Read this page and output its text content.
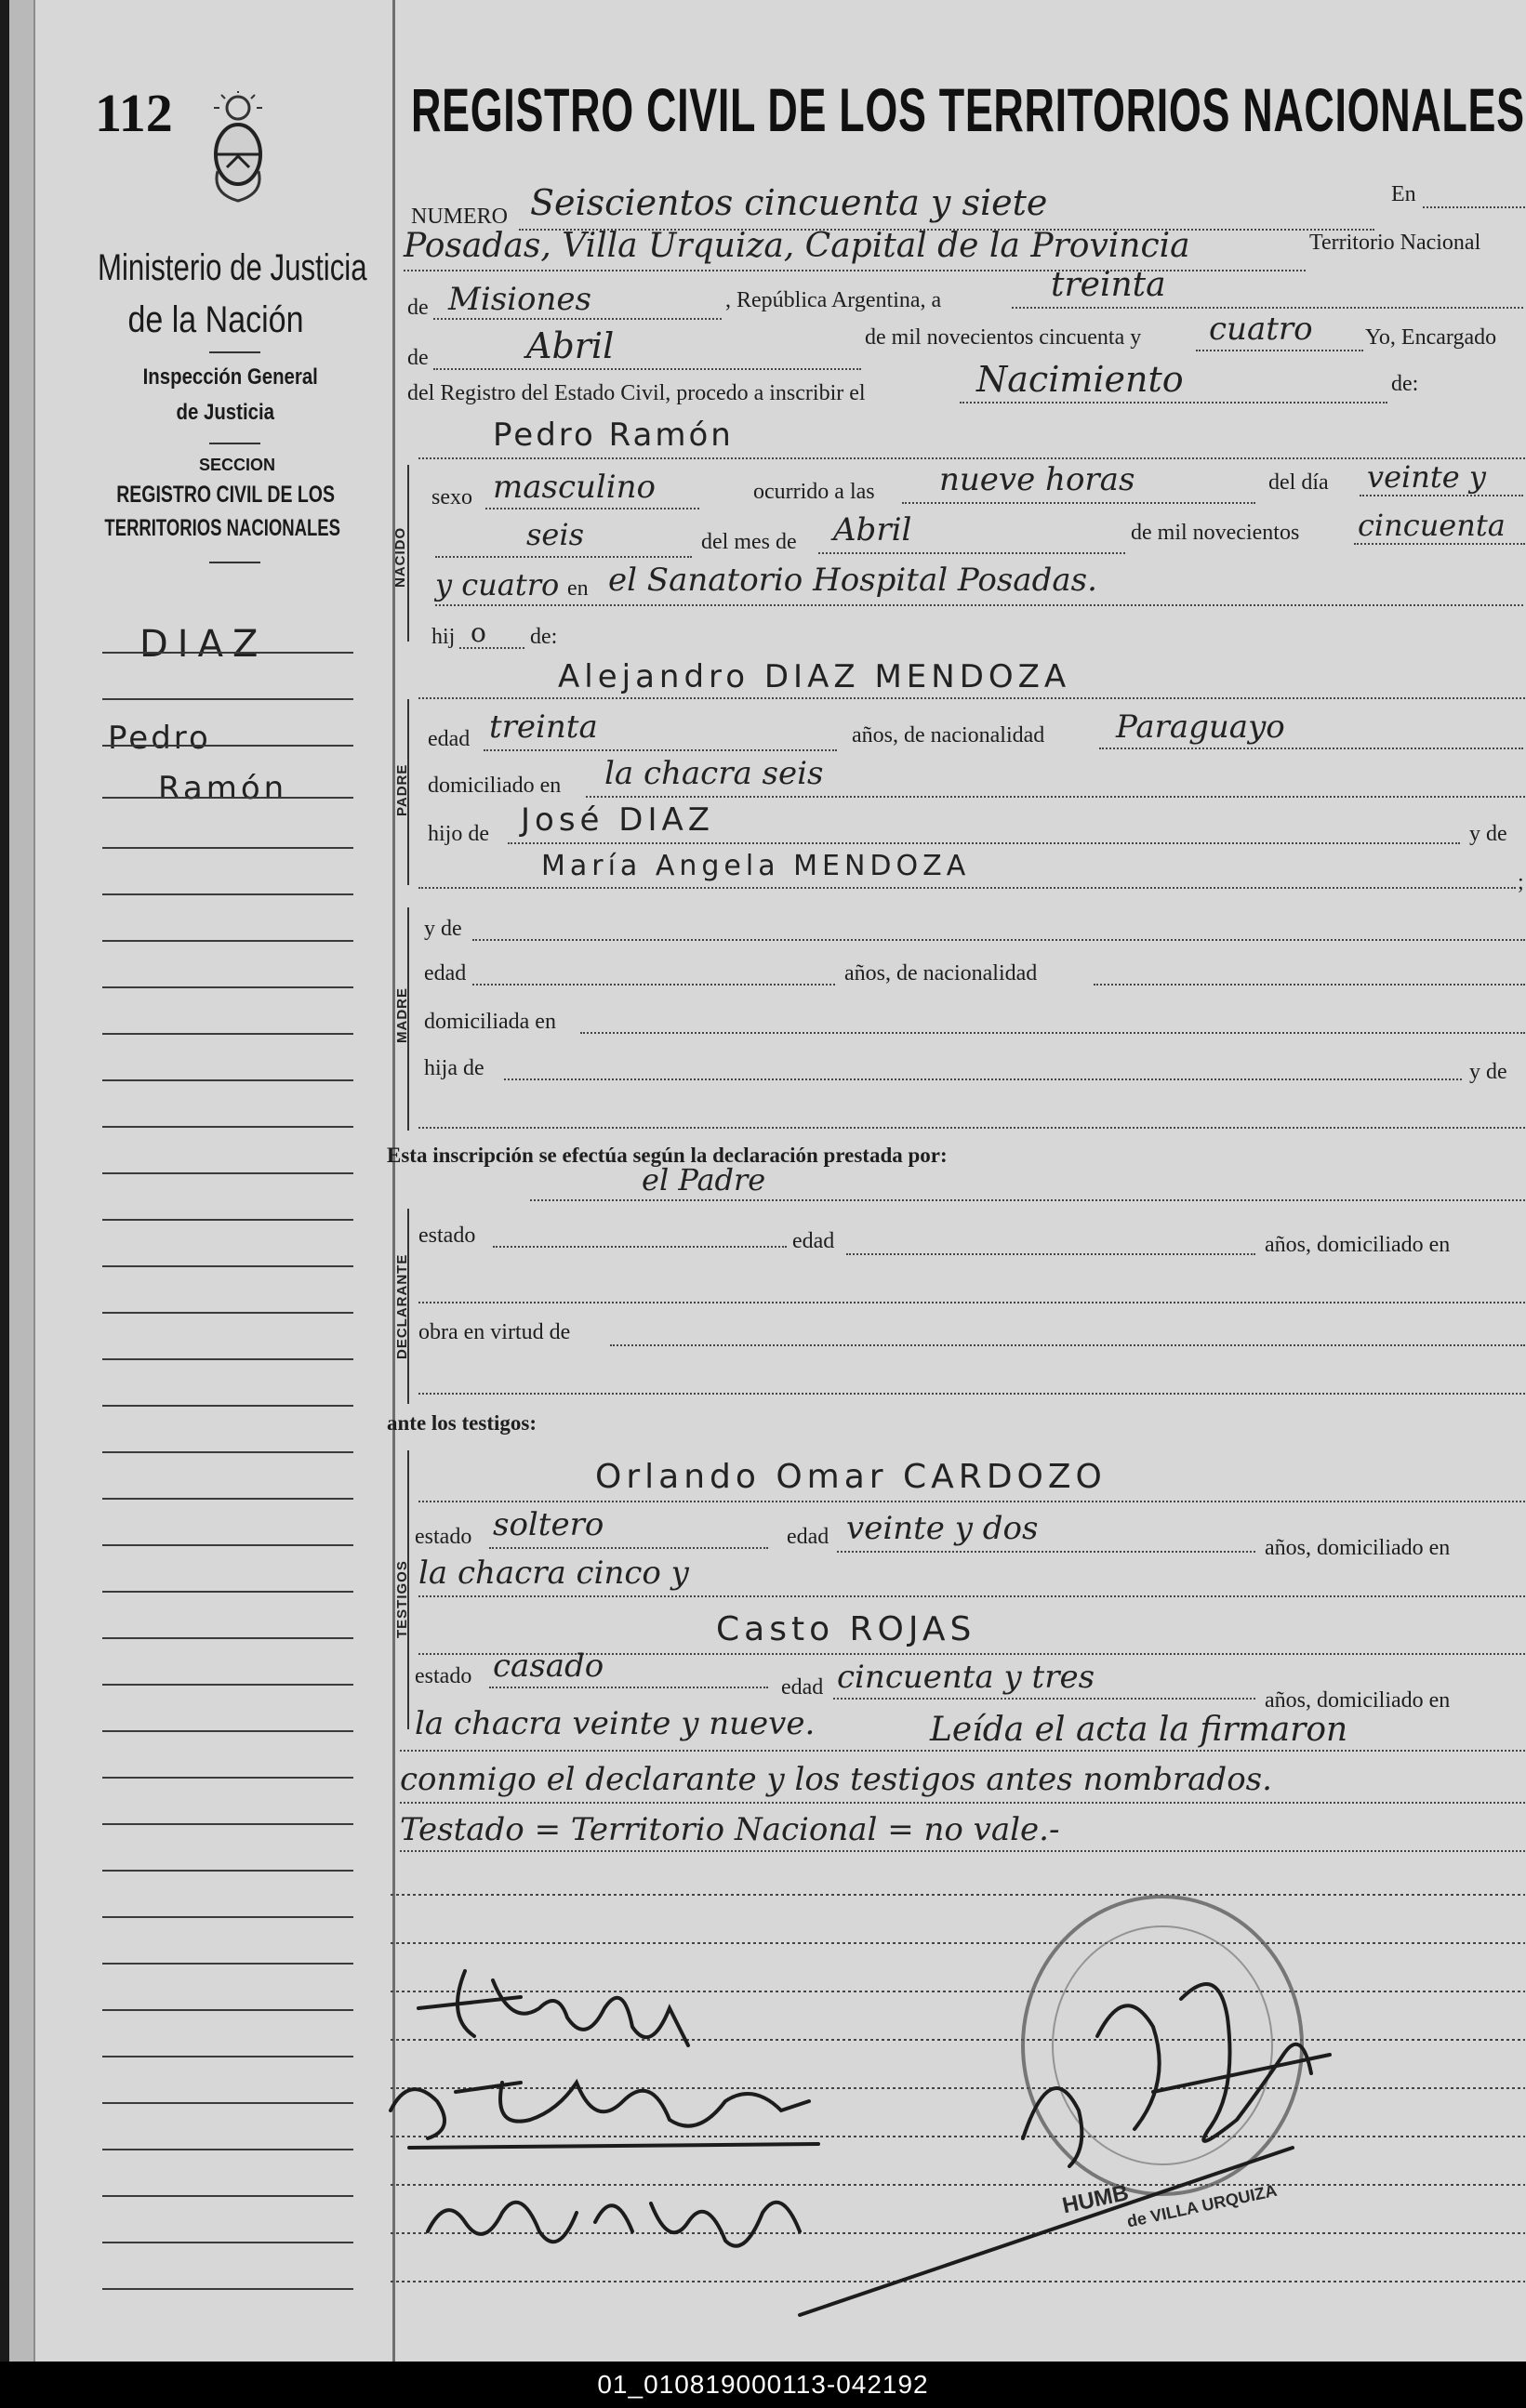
112
Ministerio de Justicia
de la Nación
Inspección General
de Justicia
SECCION
REGISTRO CIVIL DE LOS
TERRITORIOS NACIONALES
DIAZ
Pedro
Ramón
REGISTRO CIVIL DE LOS TERRITORIOS NACIONALES
NUMERO Seiscientos cincuenta y siete	En
Posadas, Villa Urquiza, Capital de la Provincia	Territorio Nacional
de Misiones	, República Argentina, a	treinta
de	Abril	de mil novecientos cincuenta y cuatro Yo, Encargado
del Registro del Estado Civil, procedo a inscribir el	Nacimiento	de:
Pedro Ramón
NACIDO
sexo masculino	ocurrido a las nueve horas	del día veinte y
seis	del mes de Abril	de mil novecientos cincuenta
y cuatro en el Sanatorio Hospital Posadas.
hij o de:
Alejandro DIAZ MENDOZA
PADRE
edad treinta	años, de nacionalidad Paraguayo
domiciliado en la chacra seis
hijo de José DIAZ	y de
María Angela MENDOZA	;
MADRE
y de
edad	años, de nacionalidad
domiciliada en
hija de	y de
Esta inscripción se efectúa según la declaración prestada por:
el Padre
DECLARANTE
estado	edad	años, domiciliado en
obra en virtud de
ante los testigos:
TESTIGOS
Orlando Omar CARDOZO
estado soltero	edad veinte y dos
años, domiciliado en
la chacra cinco y
Casto ROJAS
estado casado
edad cincuenta y tres
años, domiciliado en
la chacra veinte y nueve.	Leída el acta la firmaron
conmigo el declarante y los testigos antes nombrados.
Testado = Territorio Nacional = no vale.-
HUMB
de VILLA URQUIZA
01_010819000113-042192
